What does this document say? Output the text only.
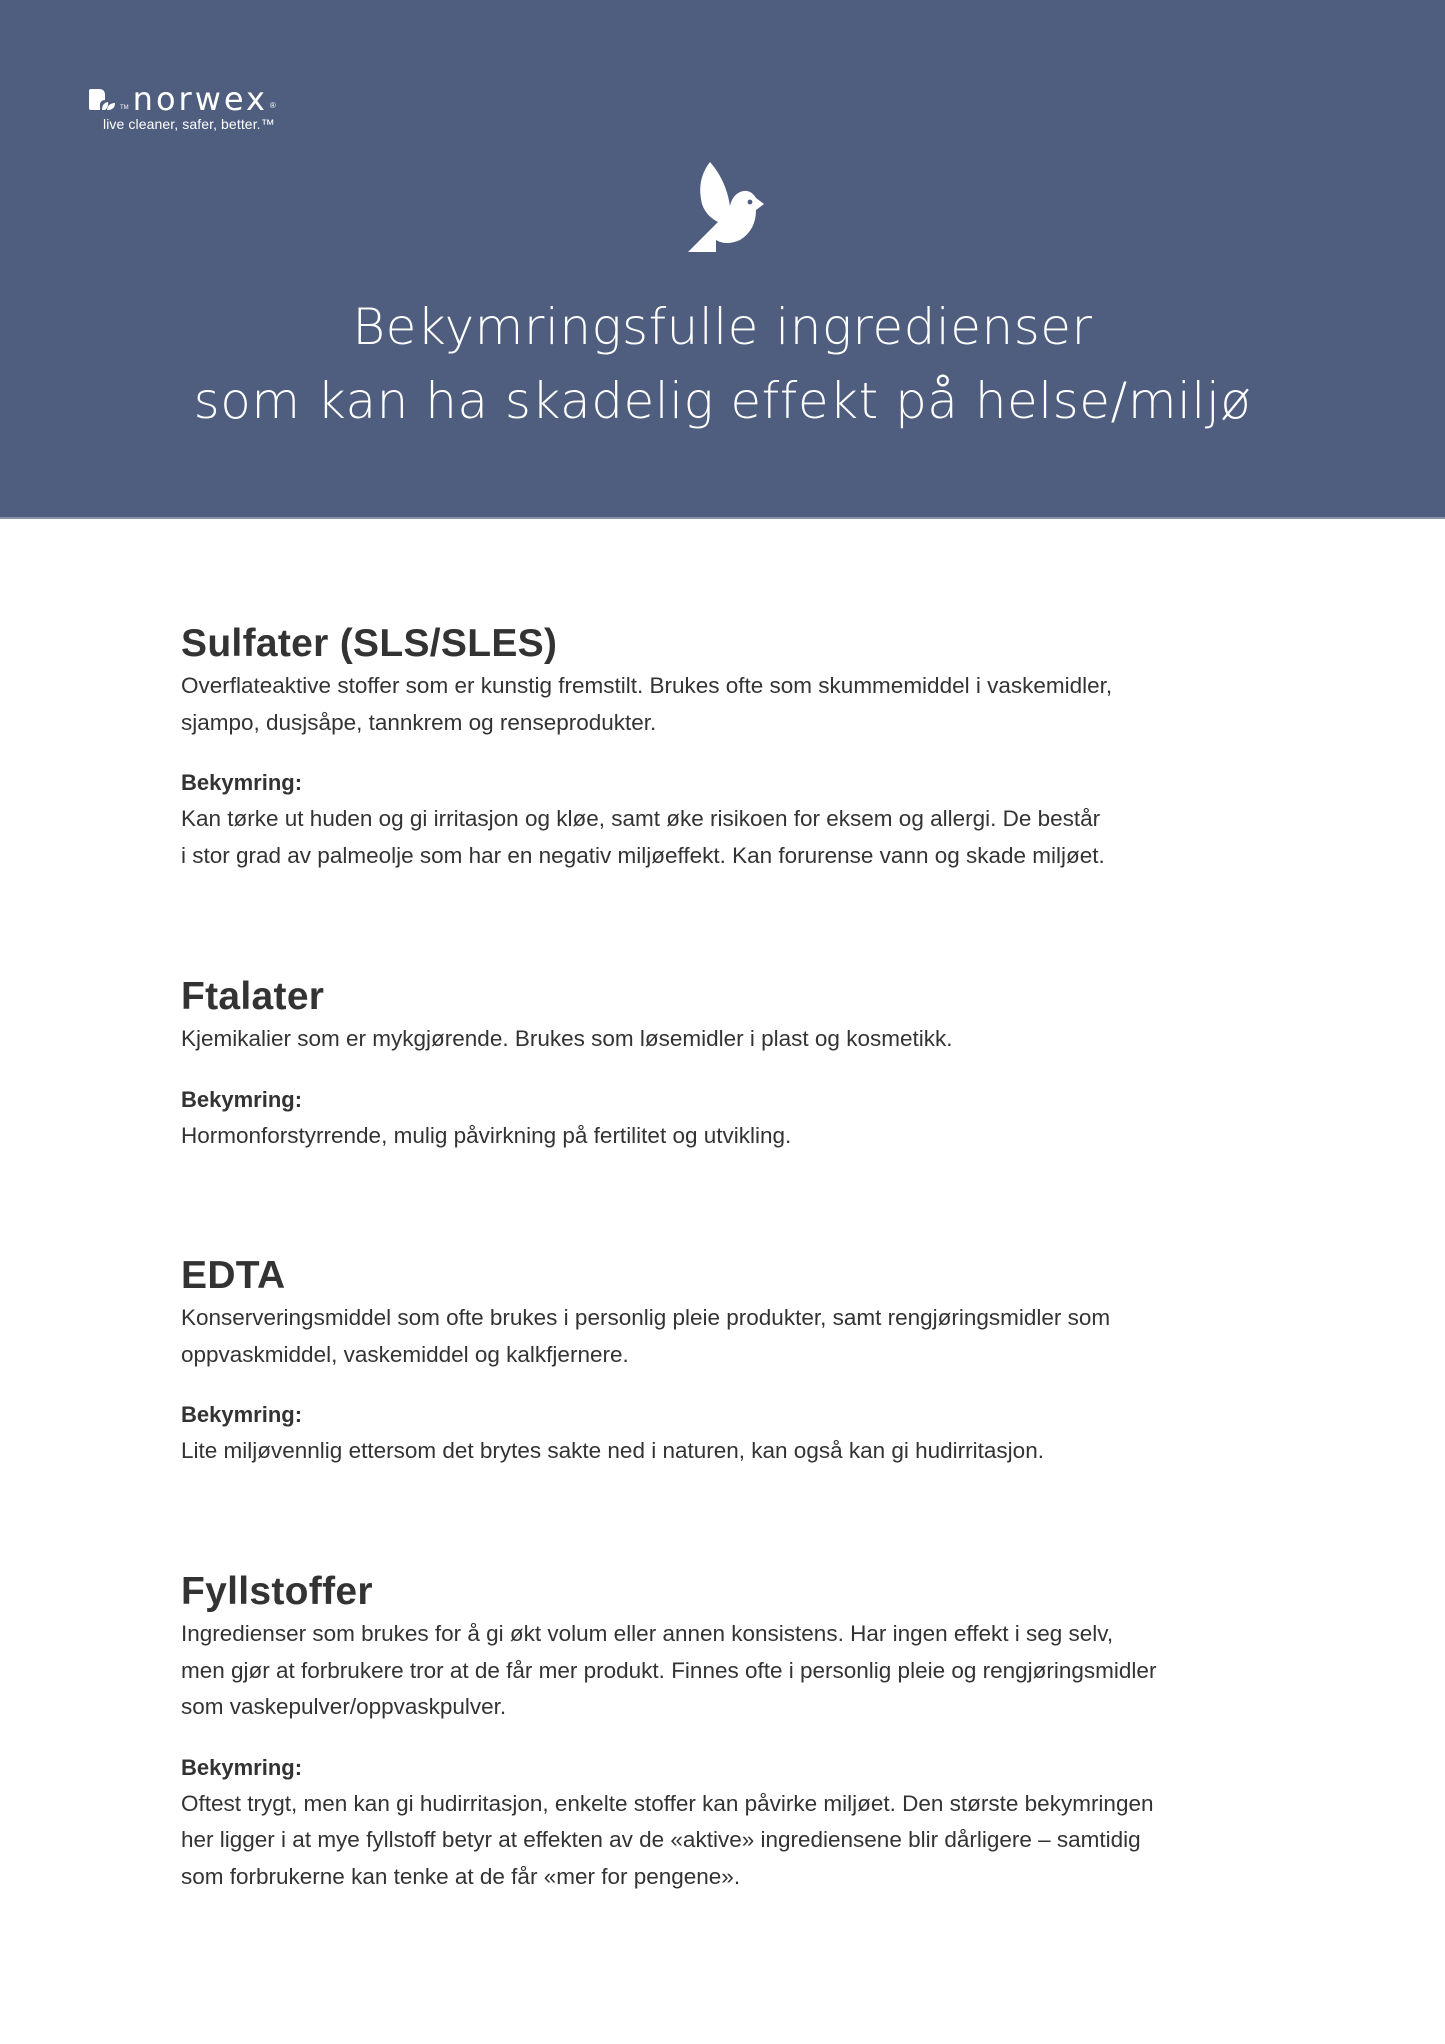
TM norwex ®
live cleaner, safer, better.™
Bekymringsfulle ingredienser
som kan ha skadelig effekt på helse/miljø
Sulfater (SLS/SLES)

Overflateaktive stoffer som er kunstig fremstilt. Brukes ofte som skummemiddel i vaskemidler,

sjampo, dusjsåpe, tannkrem og renseprodukter.

Bekymring:

Kan tørke ut huden og gi irritasjon og kløe, samt øke risikoen for eksem og allergi. De består

i stor grad av palmeolje som har en negativ miljøeffekt. Kan forurense vann og skade miljøet.

Ftalater

Kjemikalier som er mykgjørende. Brukes som løsemidler i plast og kosmetikk.

Bekymring:

Hormonforstyrrende, mulig påvirkning på fertilitet og utvikling.

EDTA

Konserveringsmiddel som ofte brukes i personlig pleie produkter, samt rengjøringsmidler som

oppvaskmiddel, vaskemiddel og kalkfjernere.

Bekymring:

Lite miljøvennlig ettersom det brytes sakte ned i naturen, kan også kan gi hudirritasjon.

Fyllstoffer

Ingredienser som brukes for å gi økt volum eller annen konsistens. Har ingen effekt i seg selv,

men gjør at forbrukere tror at de får mer produkt. Finnes ofte i personlig pleie og rengjøringsmidler

som vaskepulver/oppvaskpulver.

Bekymring:

Oftest trygt, men kan gi hudirritasjon, enkelte stoffer kan påvirke miljøet. Den største bekymringen

her ligger i at mye fyllstoff betyr at effekten av de «aktive» ingrediensene blir dårligere – samtidig

som forbrukerne kan tenke at de får «mer for pengene».
